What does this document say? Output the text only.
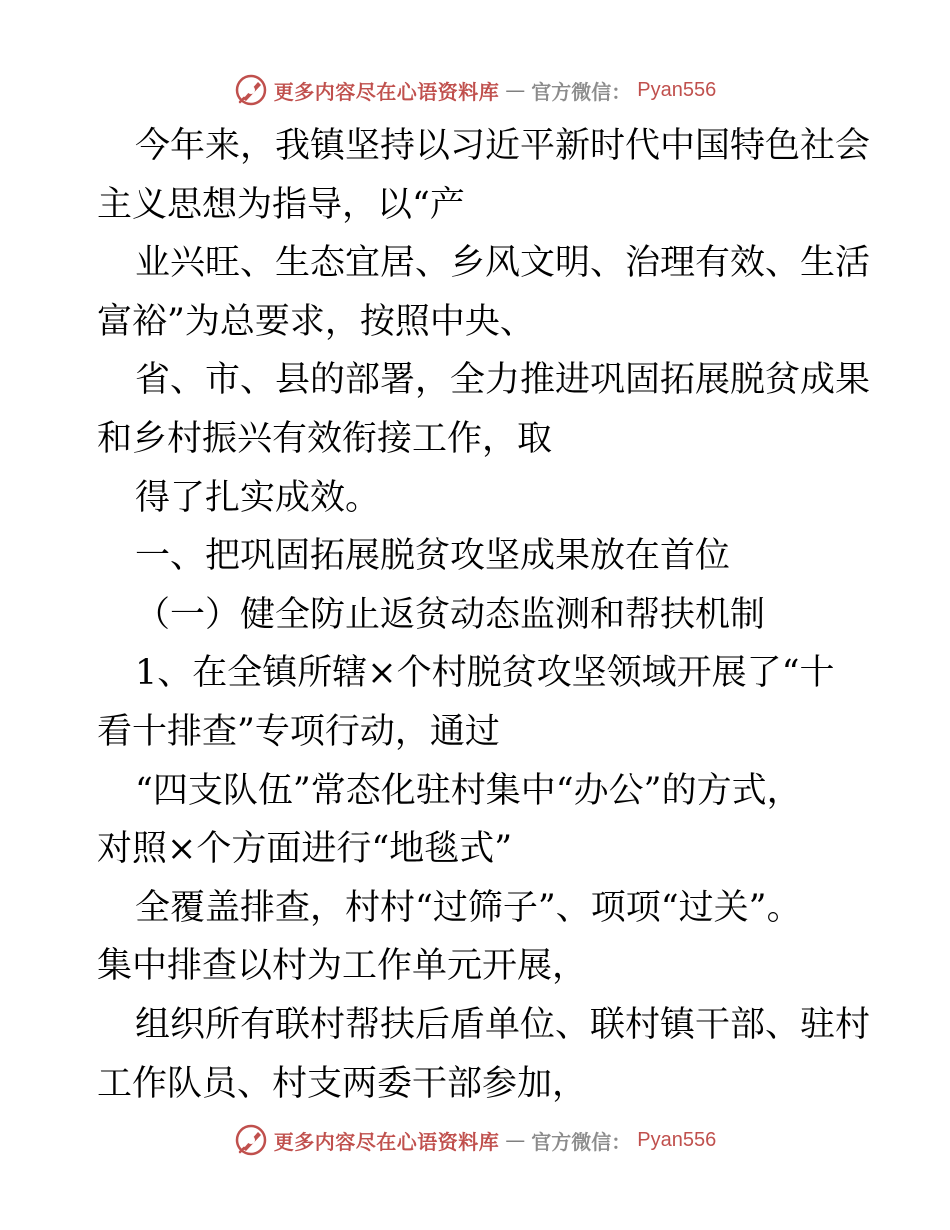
更多内容尽在心语资料库 — 官方微信： Pyan556
今年来，我镇坚持以习近平新时代中国特色社会
主义思想为指导，以“产
业兴旺、生态宜居、乡风文明、治理有效、生活
富裕”为总要求，按照中央、
省、市、县的部署，全力推进巩固拓展脱贫成果
和乡村振兴有效衔接工作，取
得了扎实成效。
一、把巩固拓展脱贫攻坚成果放在首位
（一）健全防止返贫动态监测和帮扶机制
1、在全镇所辖×个村脱贫攻坚领域开展了“十
看十排查”专项行动，通过
“四支队伍”常态化驻村集中“办公”的方式，
对照×个方面进行“地毯式”
全覆盖排查，村村“过筛子”、项项“过关”。
集中排查以村为工作单元开展，
组织所有联村帮扶后盾单位、联村镇干部、驻村
工作队员、村支两委干部参加，
更多内容尽在心语资料库 — 官方微信： Pyan556
